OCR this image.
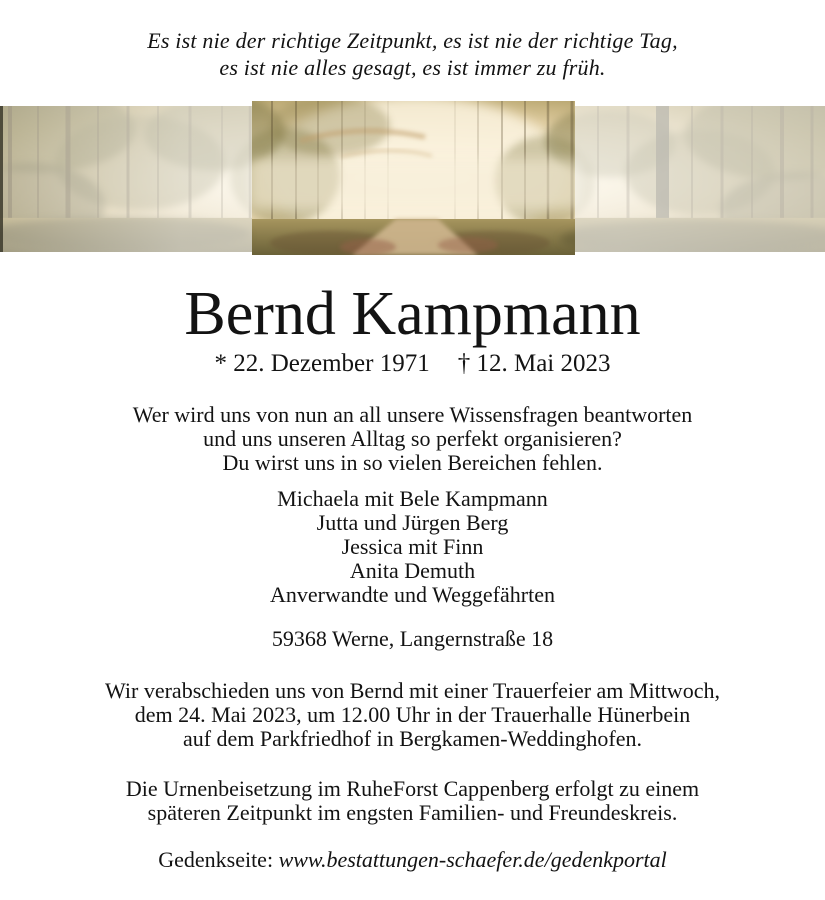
Es ist nie der richtige Zeitpunkt, es ist nie der richtige Tag,
es ist nie alles gesagt, es ist immer zu früh.
Bernd Kampmann
* 22. Dezember 1971 † 12. Mai 2023
Wer wird uns von nun an all unsere Wissensfragen beantworten
und uns unseren Alltag so perfekt organisieren?
Du wirst uns in so vielen Bereichen fehlen.
Michaela mit Bele Kampmann
Jutta und Jürgen Berg
Jessica mit Finn
Anita Demuth
Anverwandte und Weggefährten
59368 Werne, Langernstraße 18
Wir verabschieden uns von Bernd mit einer Trauerfeier am Mittwoch,
dem 24. Mai 2023, um 12.00 Uhr in der Trauerhalle Hünerbein
auf dem Parkfriedhof in Bergkamen-Weddinghofen.
Die Urnenbeisetzung im RuheForst Cappenberg erfolgt zu einem
späteren Zeitpunkt im engsten Familien- und Freundeskreis.
Gedenkseite: www.bestattungen-schaefer.de/gedenkportal
